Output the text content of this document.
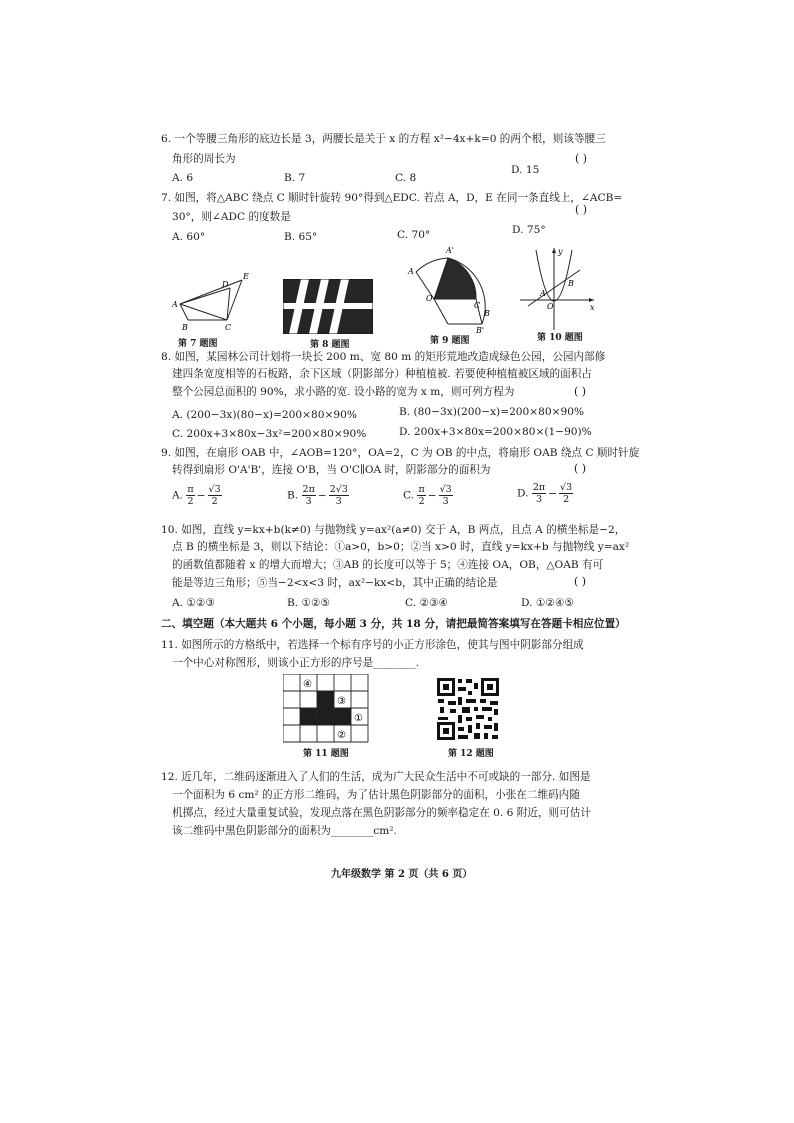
6. 一个等腰三角形的底边长是 3，两腰长是关于 x 的方程 x²−4x+k=0 的两个根，则该等腰三
角形的周长为	( )
A. 6	B. 7	C. 8
D. 15
7. 如图，将△ABC 绕点 C 顺时针旋转 90°得到△EDC. 若点 A，D，E 在同一条直线上，∠ACB=
30°，则∠ADC 的度数是
( )
A. 60°	B. 65°	C. 70°	D. 75°
A
B	C
D
E
第 7 题图	第 8 题图
A'
A
O
C
B
B'
第 9 题图
y
A
B
O	x
第 10 题图
8. 如图，某园林公司计划将一块长 200 m、宽 80 m 的矩形荒地改造成绿色公园，公园内部修
建四条宽度相等的石板路，余下区域（阴影部分）种植植被. 若要使种植植被区域的面积占
整个公园总面积的 90%，求小路的宽. 设小路的宽为 x m，则可列方程为	( )
A. (200−3x)(80−x)=200×80×90%	B. (80−3x)(200−x)=200×80×90%
C. 200x+3×80x−3x²=200×80×90%	D. 200x+3×80x=200×80×(1−90)%
9. 如图，在扇形 OAB 中，∠AOB=120°，OA=2，C 为 OB 的中点，将扇形 OAB 绕点 C 顺时针旋
转得到扇形 O'A'B'，连接 O'B，当 O'C∥OA 时，阴影部分的面积为	( )
A. $\frac{\pi}{2} - \frac{√3}{2}$	B. $\frac{2\pi}{3} - \frac{2√3}{3}$	C. $\frac{\pi}{2} - \frac{√3}{3}$	D. $\frac{2\pi}{3} - \frac{√3}{2}$
10. 如图，直线 y=kx+b(k≠0) 与抛物线 y=ax²(a≠0) 交于 A，B 两点，且点 A 的横坐标是−2，
点 B 的横坐标是 3，则以下结论：①a>0，b>0；②当 x>0 时，直线 y=kx+b 与抛物线 y=ax²
的函数值都随着 x 的增大而增大；③AB 的长度可以等于 5；④连接 OA，OB，△OAB 有可
能是等边三角形；⑤当−2<x<3 时，ax²−kx<b，其中正确的结论是	( )
A. ①②③	B. ①②⑤	C. ②③④	D. ①②④⑤
二、填空题（本大题共 6 个小题，每小题 3 分，共 18 分，请把最简答案填写在答题卡相应位置）
11. 如图所示的方格纸中，若选择一个标有序号的小正方形涂色，使其与图中阴影部分组成
一个中心对称图形，则该小正方形的序号是________.
④
③
①
②
第 11 题图	第 12 题图
12. 近几年，二维码逐渐进入了人们的生活，成为广大民众生活中不可或缺的一部分. 如图是
一个面积为 6 cm² 的正方形二维码，为了估计黑色阴影部分的面积，小张在二维码内随
机掷点，经过大量重复试验，发现点落在黑色阴影部分的频率稳定在 0. 6 附近，则可估计
该二维码中黑色阴影部分的面积为________cm².
九年级数学 第 2 页（共 6 页）
